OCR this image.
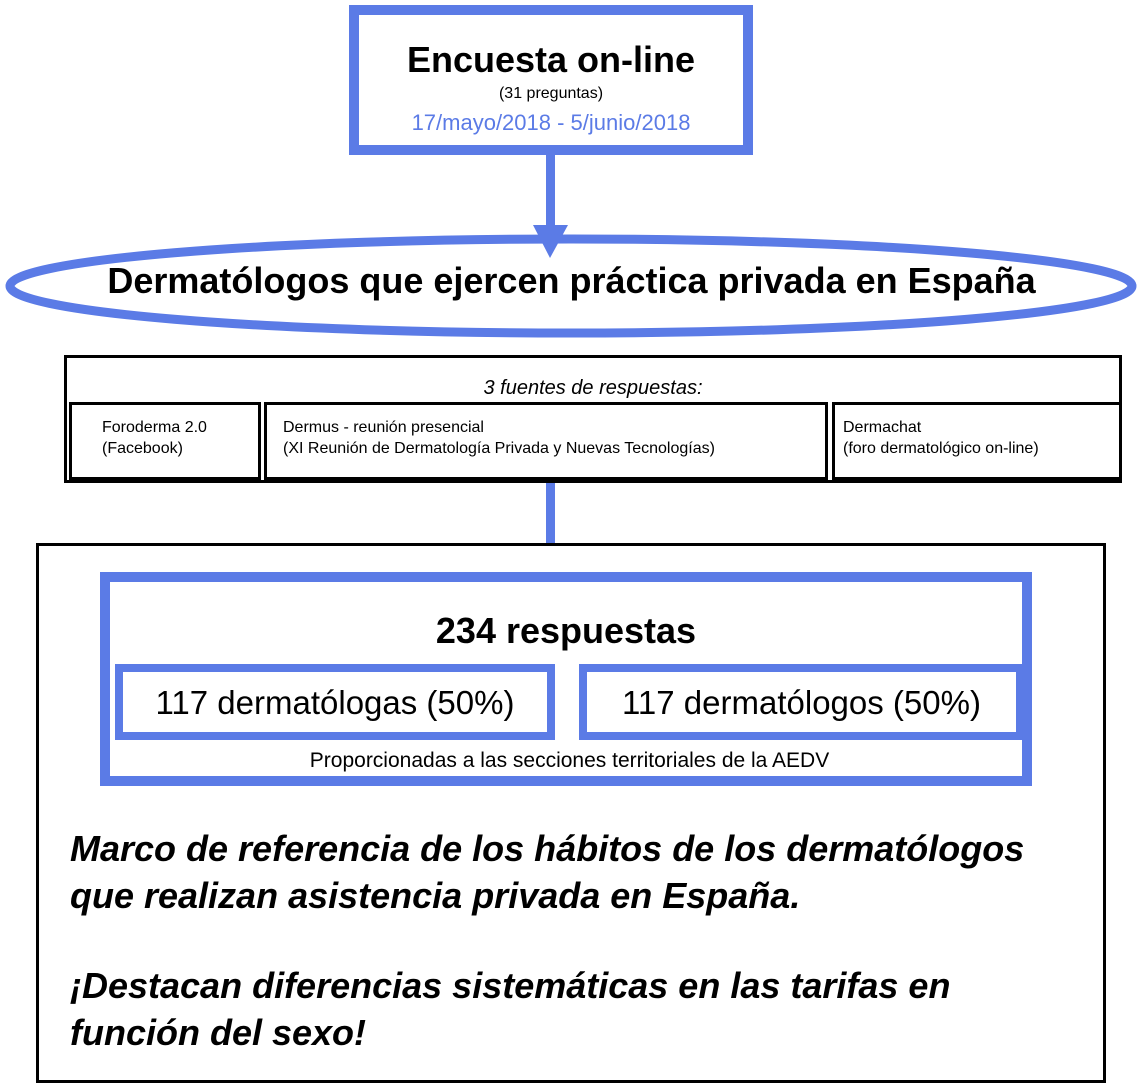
Encuesta on-line
(31 preguntas)
17/mayo/2018 - 5/junio/2018
Dermatólogos que ejercen práctica privada en España
3 fuentes de respuestas:
Foroderma 2.0
(Facebook)
Dermus - reunión presencial
(XI Reunión de Dermatología Privada y Nuevas Tecnologías)
Dermachat
(foro dermatológico on-line)
234 respuestas
117 dermatólogas (50%)	117 dermatólogos (50%)
Proporcionadas a las secciones territoriales de la AEDV
Marco de referencia de los hábitos de los dermatólogos
que realizan asistencia privada en España.
¡Destacan diferencias sistemáticas en las tarifas en
función del sexo!
